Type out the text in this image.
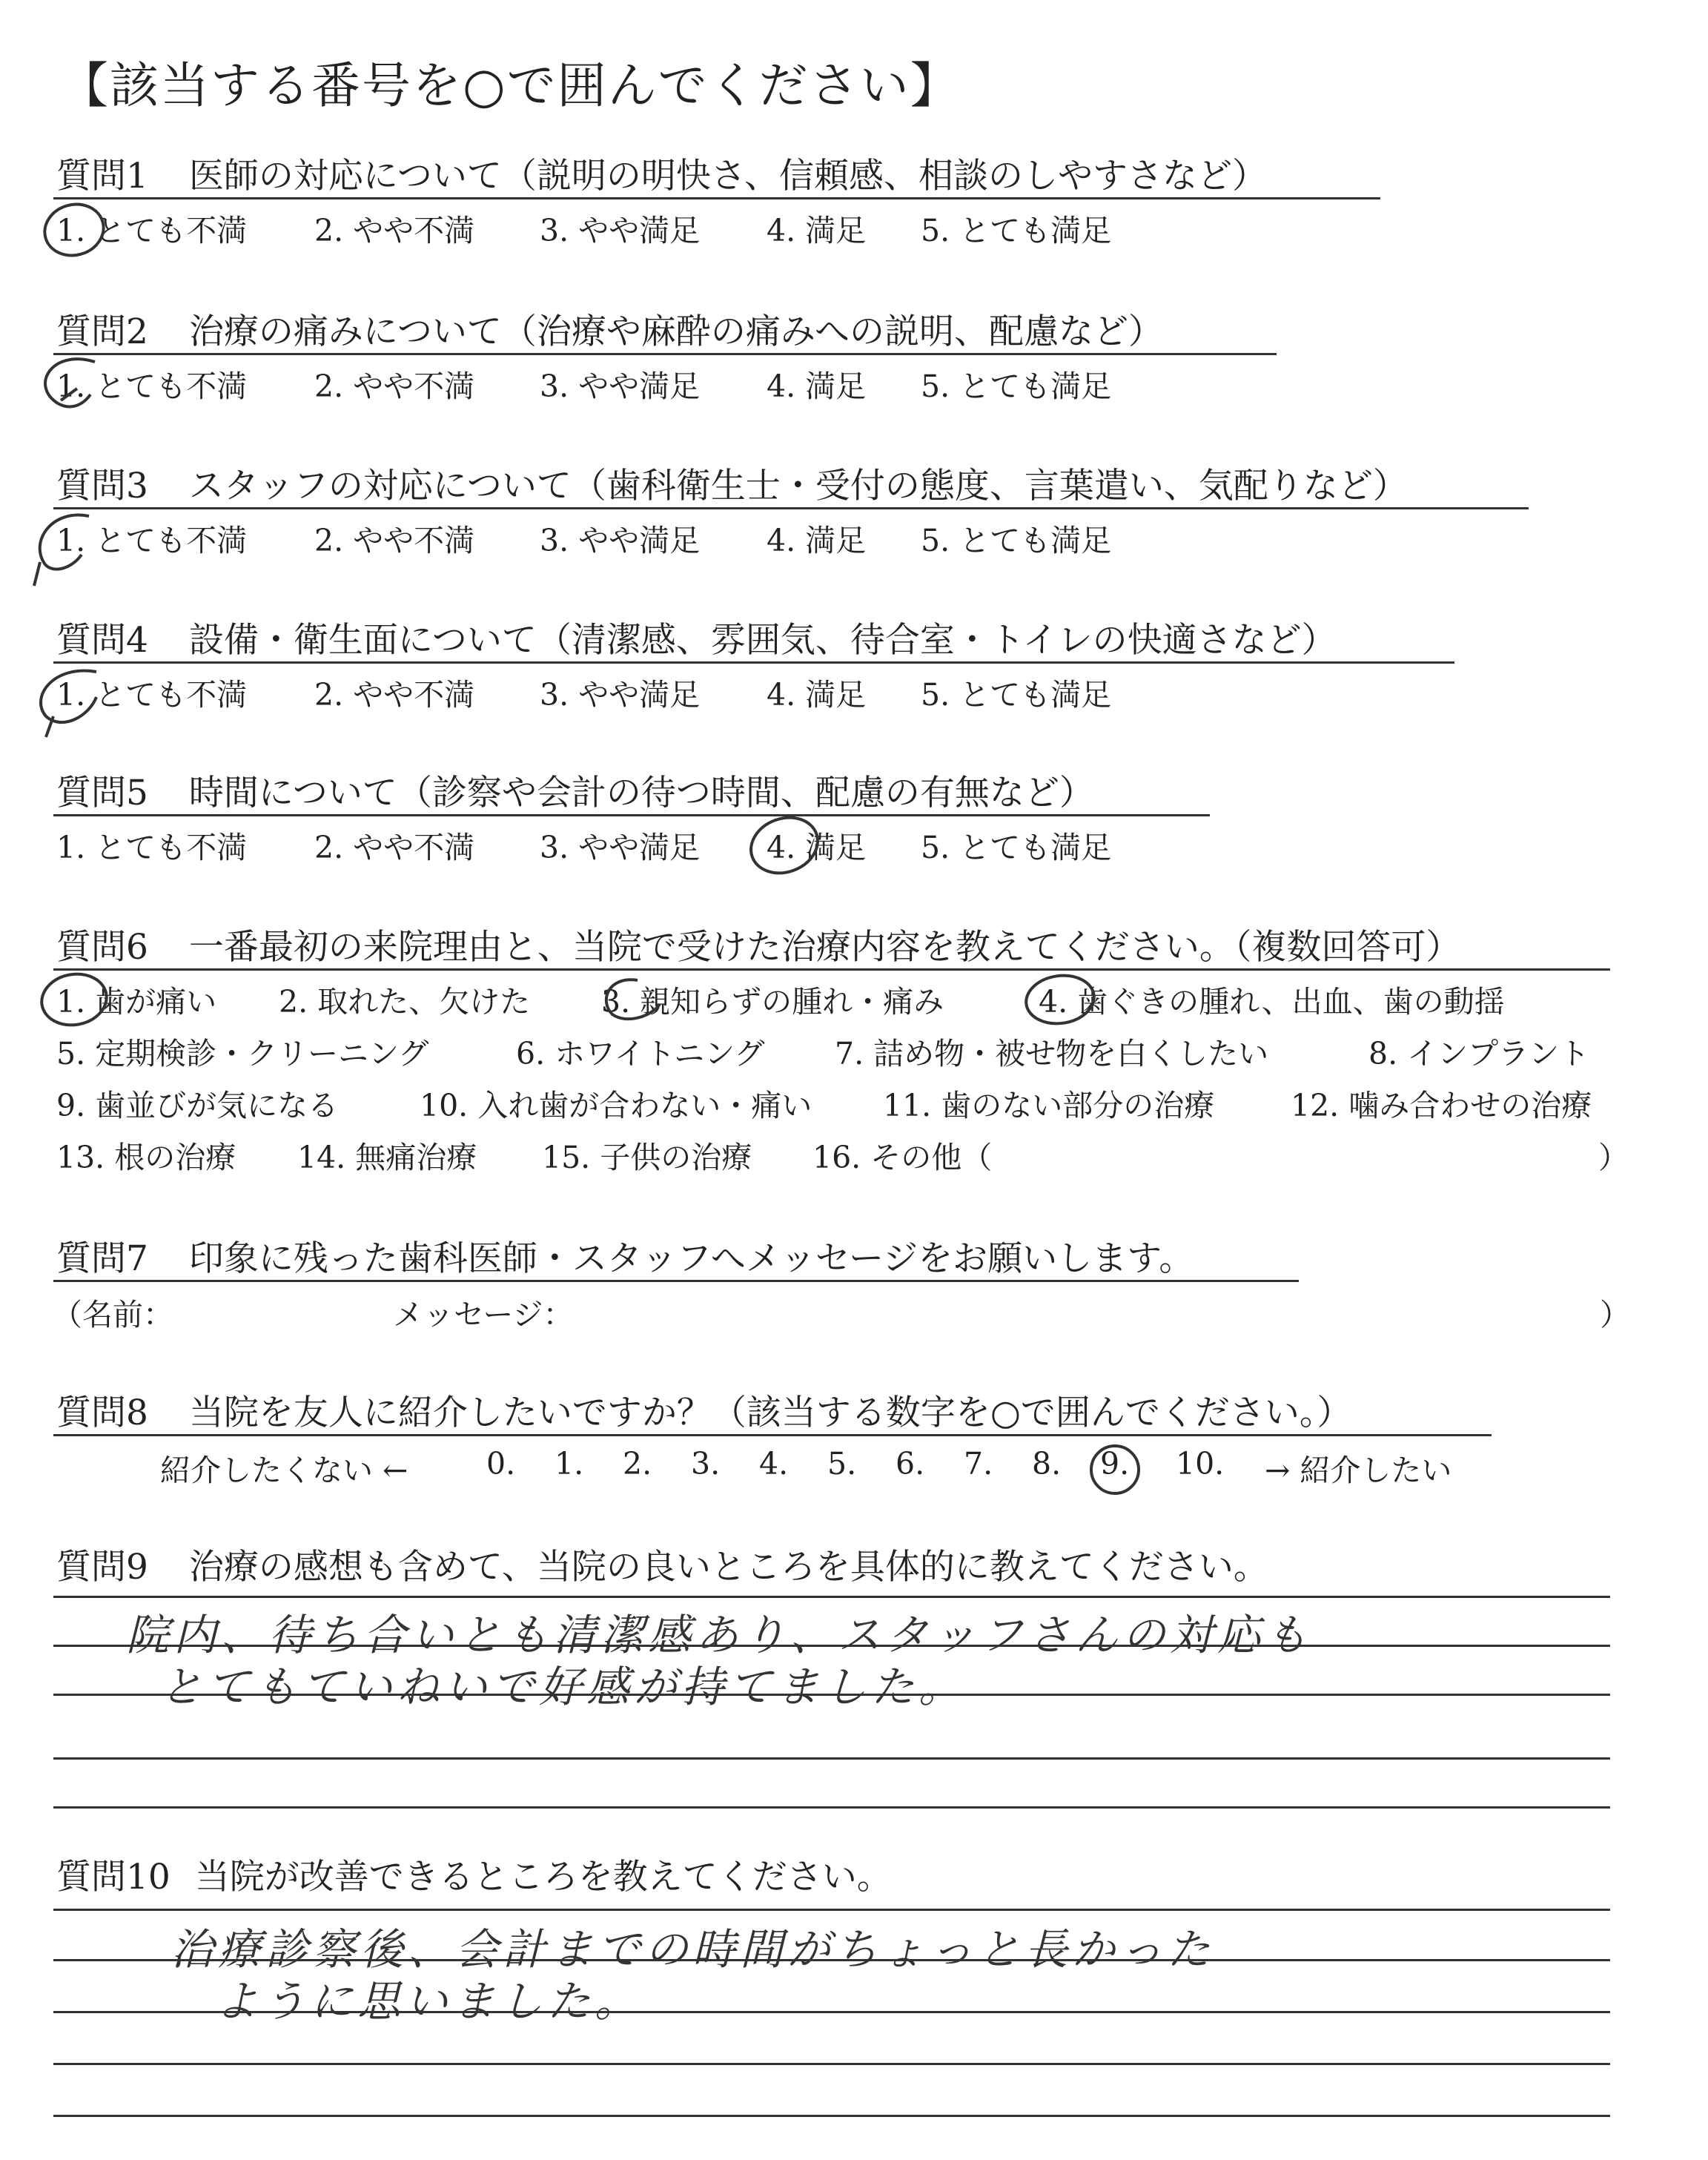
【該当する番号を○で囲んでください】
質問1 医師の対応について（説明の明快さ、信頼感、相談のしやすさなど）
1. とても不満 2. やや不満 3. やや満足 4. 満足 5. とても満足
質問2 治療の痛みについて（治療や麻酔の痛みへの説明、配慮など）
1. とても不満 2. やや不満 3. やや満足 4. 満足 5. とても満足
質問3 スタッフの対応について（歯科衛生士・受付の態度、言葉遣い、気配りなど）
1. とても不満 2. やや不満 3. やや満足 4. 満足 5. とても満足
質問4 設備・衛生面について（清潔感、雰囲気、待合室・トイレの快適さなど）
1. とても不満 2. やや不満 3. やや満足 4. 満足 5. とても満足
質問5 時間について（診察や会計の待つ時間、配慮の有無など）
1. とても不満 2. やや不満 3. やや満足 4. 満足 5. とても満足
質問6 一番最初の来院理由と、当院で受けた治療内容を教えてください。（複数回答可）
1. 歯が痛い 2. 取れた、欠けた 3. 親知らずの腫れ・痛み	4. 歯ぐきの腫れ、出血、歯の動揺
5. 定期検診・クリーニング	6. ホワイトニング 7. 詰め物・被せ物を白くしたい	8. インプラント
9. 歯並びが気になる	10. 入れ歯が合わない・痛い 11. 歯のない部分の治療	12. 噛み合わせの治療
13. 根の治療 14. 無痛治療 15. 子供の治療 16. その他（	）
質問7 印象に残った歯科医師・スタッフへメッセージをお願いします。
（名前：	メッセージ：	）
質問8 当院を友人に紹介したいですか？（該当する数字を○で囲んでください。）
紹介したくない ←	0. 1. 2. 3. 4. 5. 6. 7. 8. 9. 10. → 紹介したい
質問9 治療の感想も含めて、当院の良いところを具体的に教えてください。
院内、待ち合いとも清潔感あり、スタッフさんの対応も
とてもていねいで好感が持てました。
質問10 当院が改善できるところを教えてください。
治療診察後、会計までの時間がちょっと長かった
ように思いました。
